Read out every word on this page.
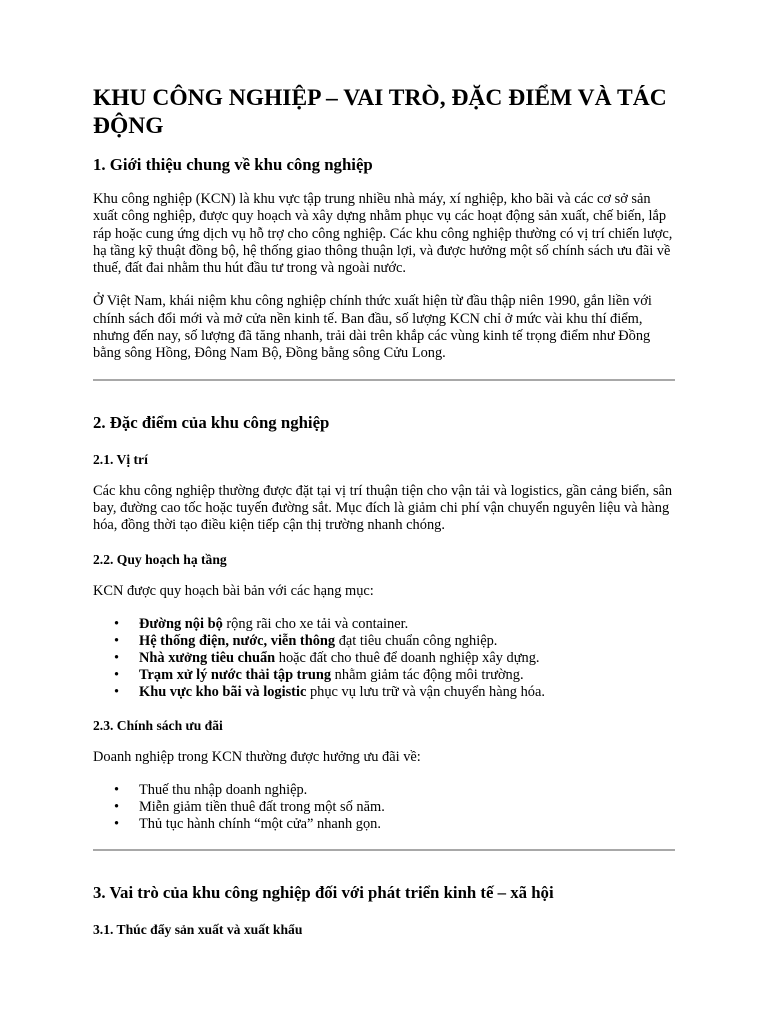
KHU CÔNG NGHIỆP – VAI TRÒ, ĐẶC ĐIỂM VÀ TÁC ĐỘNG
1. Giới thiệu chung về khu công nghiệp

Khu công nghiệp (KCN) là khu vực tập trung nhiều nhà máy, xí nghiệp, kho bãi và các cơ sở sản xuất công nghiệp, được quy hoạch và xây dựng nhằm phục vụ các hoạt động sản xuất, chế biến, lắp ráp hoặc cung ứng dịch vụ hỗ trợ cho công nghiệp. Các khu công nghiệp thường có vị trí chiến lược, hạ tầng kỹ thuật đồng bộ, hệ thống giao thông thuận lợi, và được hưởng một số chính sách ưu đãi về thuế, đất đai nhằm thu hút đầu tư trong và ngoài nước.

Ở Việt Nam, khái niệm khu công nghiệp chính thức xuất hiện từ đầu thập niên 1990, gắn liền với chính sách đổi mới và mở cửa nền kinh tế. Ban đầu, số lượng KCN chỉ ở mức vài khu thí điểm, nhưng đến nay, số lượng đã tăng nhanh, trải dài trên khắp các vùng kinh tế trọng điểm như Đồng bằng sông Hồng, Đông Nam Bộ, Đồng bằng sông Cửu Long.

2. Đặc điểm của khu công nghiệp
2.1. Vị trí

Các khu công nghiệp thường được đặt tại vị trí thuận tiện cho vận tải và logistics, gần cảng biển, sân bay, đường cao tốc hoặc tuyến đường sắt. Mục đích là giảm chi phí vận chuyển nguyên liệu và hàng hóa, đồng thời tạo điều kiện tiếp cận thị trường nhanh chóng.

2.2. Quy hoạch hạ tầng

KCN được quy hoạch bài bản với các hạng mục:

• Đường nội bộ rộng rãi cho xe tải và container.
• Hệ thống điện, nước, viễn thông đạt tiêu chuẩn công nghiệp.
• Nhà xưởng tiêu chuẩn hoặc đất cho thuê để doanh nghiệp xây dựng.
• Trạm xử lý nước thải tập trung nhằm giảm tác động môi trường.
• Khu vực kho bãi và logistic phục vụ lưu trữ và vận chuyển hàng hóa.
2.3. Chính sách ưu đãi

Doanh nghiệp trong KCN thường được hưởng ưu đãi về:

• Thuế thu nhập doanh nghiệp.
• Miễn giảm tiền thuê đất trong một số năm.
• Thủ tục hành chính “một cửa” nhanh gọn.
3. Vai trò của khu công nghiệp đối với phát triển kinh tế – xã hội
3.1. Thúc đẩy sản xuất và xuất khẩu
